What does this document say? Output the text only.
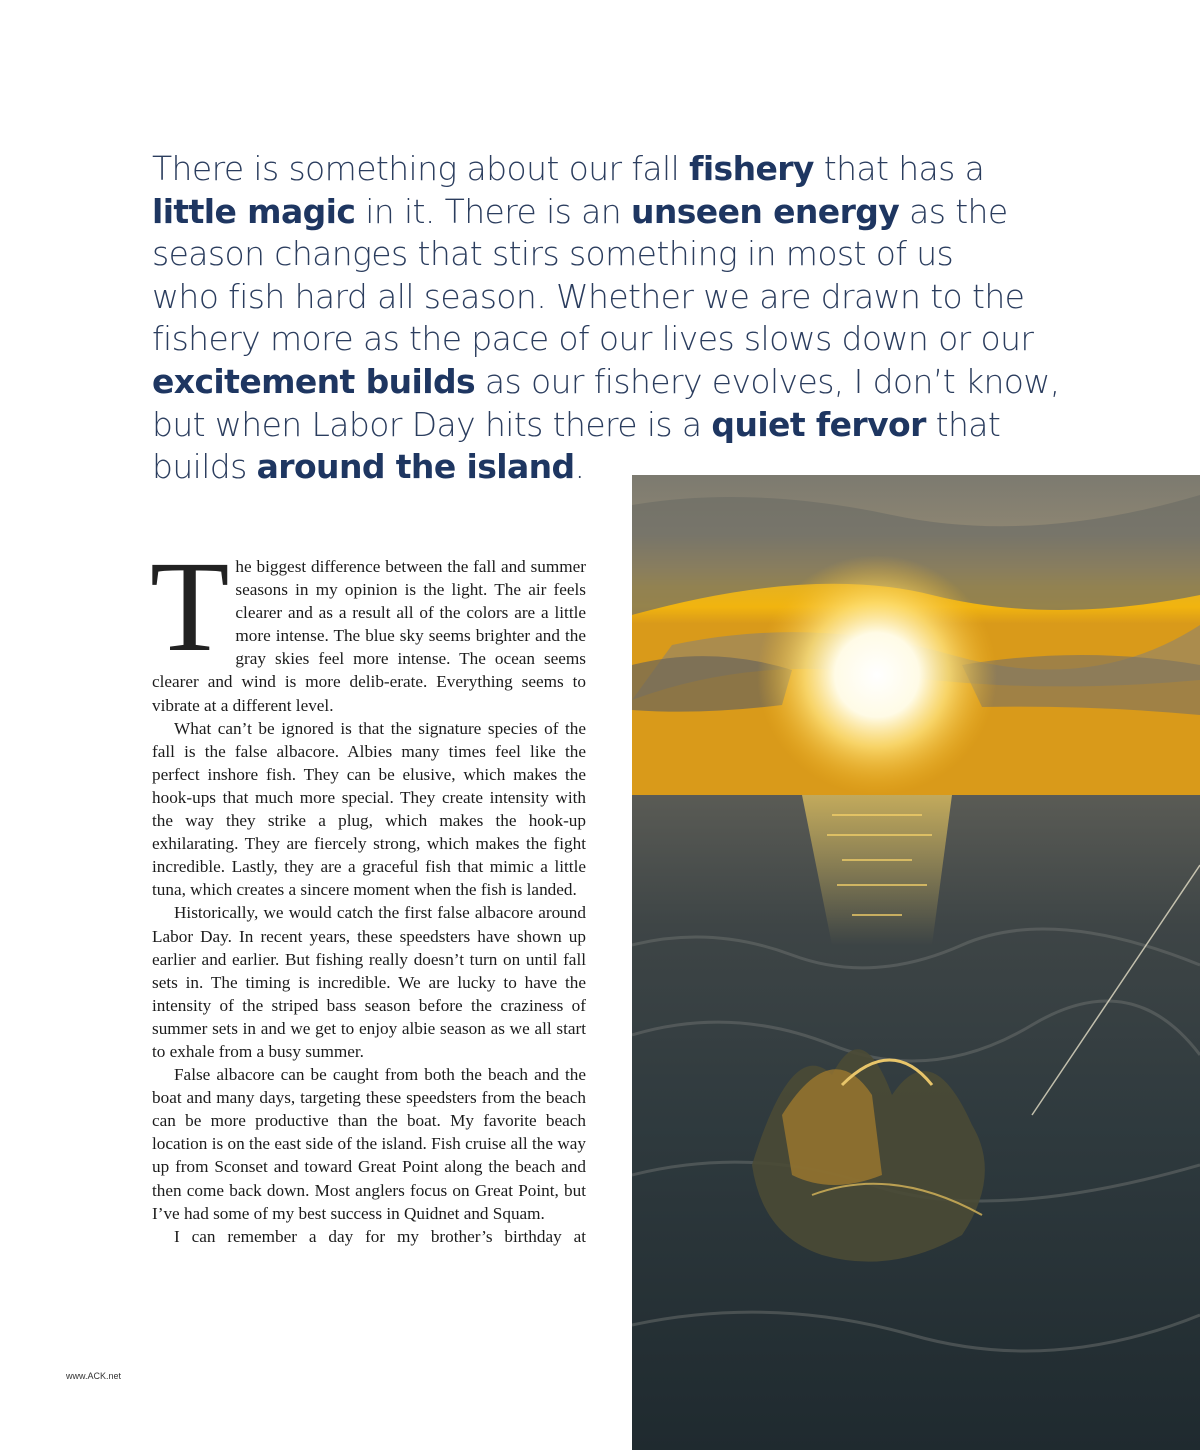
There is something about our fall fishery that has a
little magic in it. There is an unseen energy as the
season changes that stirs something in most of us
who fish hard all season. Whether we are drawn to the
fishery more as the pace of our lives slows down or our
excitement builds as our fishery evolves, I don’t know,
but when Labor Day hits there is a quiet fervor that
builds around the island.

The biggest difference between the fall and summer seasons in my opinion is the light. The air feels clearer and as a result all of the colors are a little more intense. The blue sky seems brighter and the gray skies feel more intense. The ocean seems clearer and wind is more delib-erate. Everything seems to vibrate at a different level.

What can’t be ignored is that the signature species of the fall is the false albacore. Albies many times feel like the perfect inshore fish. They can be elusive, which makes the hook-ups that much more special. They create intensity with the way they strike a plug, which makes the hook-up exhilarating. They are fiercely strong, which makes the fight incredible. Lastly, they are a graceful fish that mimic a little tuna, which creates a sincere moment when the fish is landed.

Historically, we would catch the first false albacore around Labor Day. In recent years, these speedsters have shown up earlier and earlier. But fishing really doesn’t turn on until fall sets in. The timing is incredible. We are lucky to have the intensity of the striped bass season before the craziness of summer sets in and we get to enjoy albie season as we all start to exhale from a busy summer.

False albacore can be caught from both the beach and the boat and many days, targeting these speedsters from the beach can be more productive than the boat. My favorite beach location is on the east side of the island. Fish cruise all the way up from Sconset and toward Great Point along the beach and then come back down. Most anglers focus on Great Point, but I’ve had some of my best success in Quidnet and Squam.

I can remember a day for my brother’s birthday at

www.ACK.net
